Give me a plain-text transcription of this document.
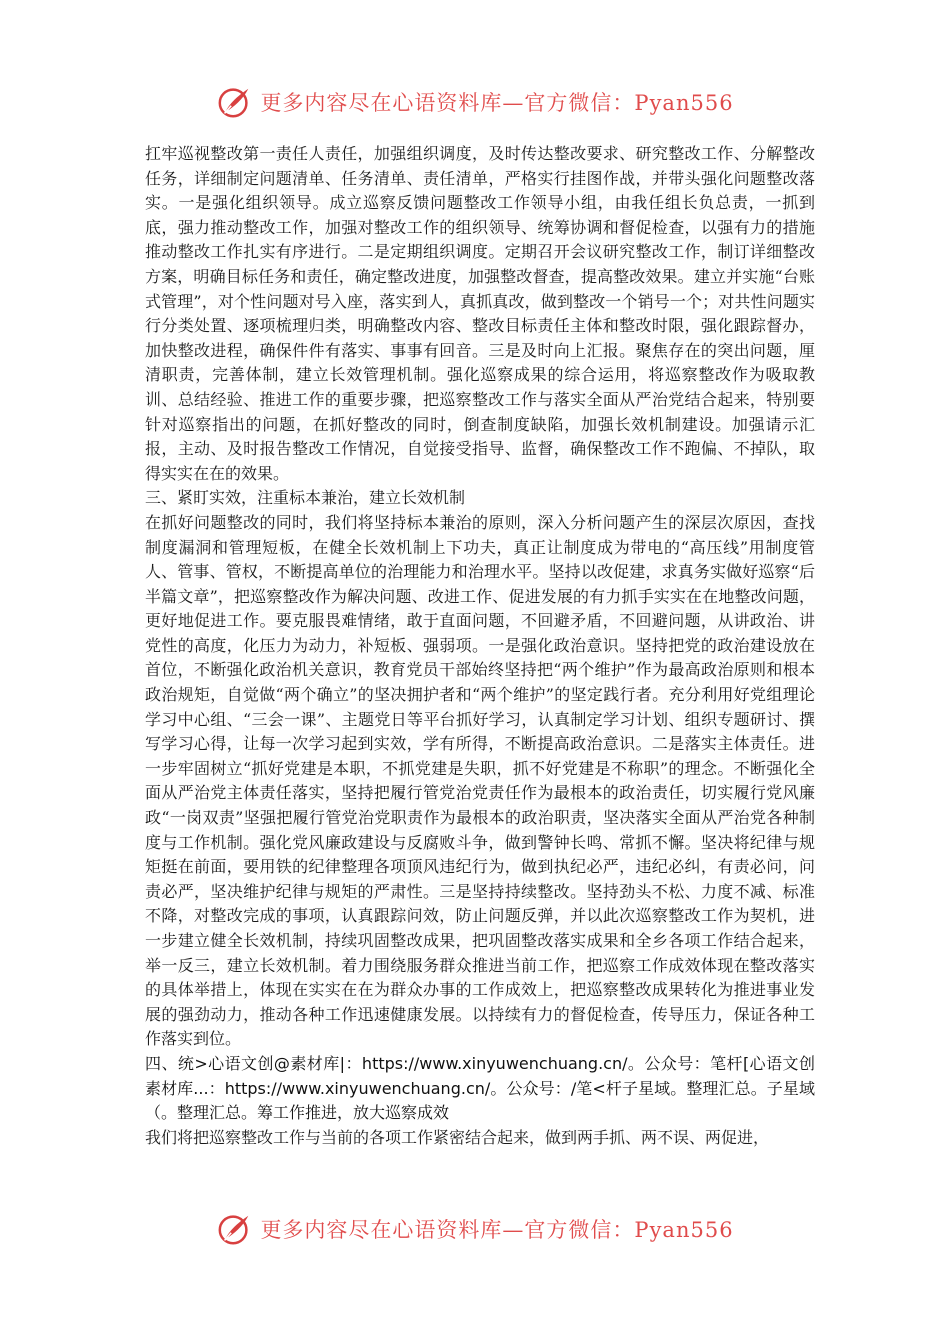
更多内容尽在心语资料库—官方微信：Pyan556

扛牢巡视整改第一责任人责任，加强组织调度，及时传达整改要求、研究整改工作、分解整改任务，详细制定问题清单、任务清单、责任清单，严格实行挂图作战，并带头强化问题整改落实。一是强化组织领导。成立巡察反馈问题整改工作领导小组，由我任组长负总责，一抓到底，强力推动整改工作，加强对整改工作的组织领导、统筹协调和督促检查，以强有力的措施推动整改工作扎实有序进行。二是定期组织调度。定期召开会议研究整改工作，制订详细整改方案，明确目标任务和责任，确定整改进度，加强整改督查，提高整改效果。建立并实施“台账式管理”，对个性问题对号入座，落实到人，真抓真改，做到整改一个销号一个；对共性问题实行分类处置、逐项梳理归类，明确整改内容、整改目标责任主体和整改时限，强化跟踪督办，加快整改进程，确保件件有落实、事事有回音。三是及时向上汇报。聚焦存在的突出问题，厘清职责，完善体制，建立长效管理机制。强化巡察成果的综合运用，将巡察整改作为吸取教训、总结经验、推进工作的重要步骤，把巡察整改工作与落实全面从严治党结合起来，特别要针对巡察指出的问题，在抓好整改的同时，倒查制度缺陷，加强长效机制建设。加强请示汇报，主动、及时报告整改工作情况，自觉接受指导、监督，确保整改工作不跑偏、不掉队，取得实实在在的效果。

三、紧盯实效，注重标本兼治，建立长效机制

在抓好问题整改的同时，我们将坚持标本兼治的原则，深入分析问题产生的深层次原因，查找制度漏洞和管理短板，在健全长效机制上下功夫，真正让制度成为带电的“高压线”用制度管人、管事、管权，不断提高单位的治理能力和治理水平。坚持以改促建，求真务实做好巡察“后半篇文章”，把巡察整改作为解决问题、改进工作、促进发展的有力抓手实实在在地整改问题，更好地促进工作。要克服畏难情绪，敢于直面问题，不回避矛盾，不回避问题，从讲政治、讲党性的高度，化压力为动力，补短板、强弱项。一是强化政治意识。坚持把党的政治建设放在首位，不断强化政治机关意识，教育党员干部始终坚持把“两个维护”作为最高政治原则和根本政治规矩，自觉做“两个确立”的坚决拥护者和“两个维护”的坚定践行者。充分利用好党组理论学习中心组、“三会一课”、主题党日等平台抓好学习，认真制定学习计划、组织专题研讨、撰写学习心得，让每一次学习起到实效，学有所得，不断提高政治意识。二是落实主体责任。进一步牢固树立“抓好党建是本职，不抓党建是失职，抓不好党建是不称职”的理念。不断强化全面从严治党主体责任落实，坚持把履行管党治党责任作为最根本的政治责任，切实履行党风廉政“一岗双责”坚强把履行管党治党职责作为最根本的政治职责，坚决落实全面从严治党各种制度与工作机制。强化党风廉政建设与反腐败斗争，做到警钟长鸣、常抓不懈。坚决将纪律与规矩挺在前面，要用铁的纪律整理各项顶风违纪行为，做到执纪必严，违纪必纠，有责必问，问责必严，坚决维护纪律与规矩的严肃性。三是坚持持续整改。坚持劲头不松、力度不减、标准不降，对整改完成的事项，认真跟踪问效，防止问题反弹，并以此次巡察整改工作为契机，进一步建立健全长效机制，持续巩固整改成果，把巩固整改落实成果和全乡各项工作结合起来，举一反三，建立长效机制。着力围绕服务群众推进当前工作，把巡察工作成效体现在整改落实的具体举措上，体现在实实在在为群众办事的工作成效上，把巡察整改成果转化为推进事业发展的强劲动力，推动各种工作迅速健康发展。以持续有力的督促检查，传导压力，保证各种工作落实到位。

四、统>心语文创@素材库|：https://www.xinyuwenchuang.cn/。公众号：笔杆[心语文创素材库...：https://www.xinyuwenchuang.cn/。公众号：/笔<杆子星域。整理汇总。子星域（。整理汇总。筹工作推进，放大巡察成效

我们将把巡察整改工作与当前的各项工作紧密结合起来，做到两手抓、两不误、两促进，

更多内容尽在心语资料库—官方微信：Pyan556
